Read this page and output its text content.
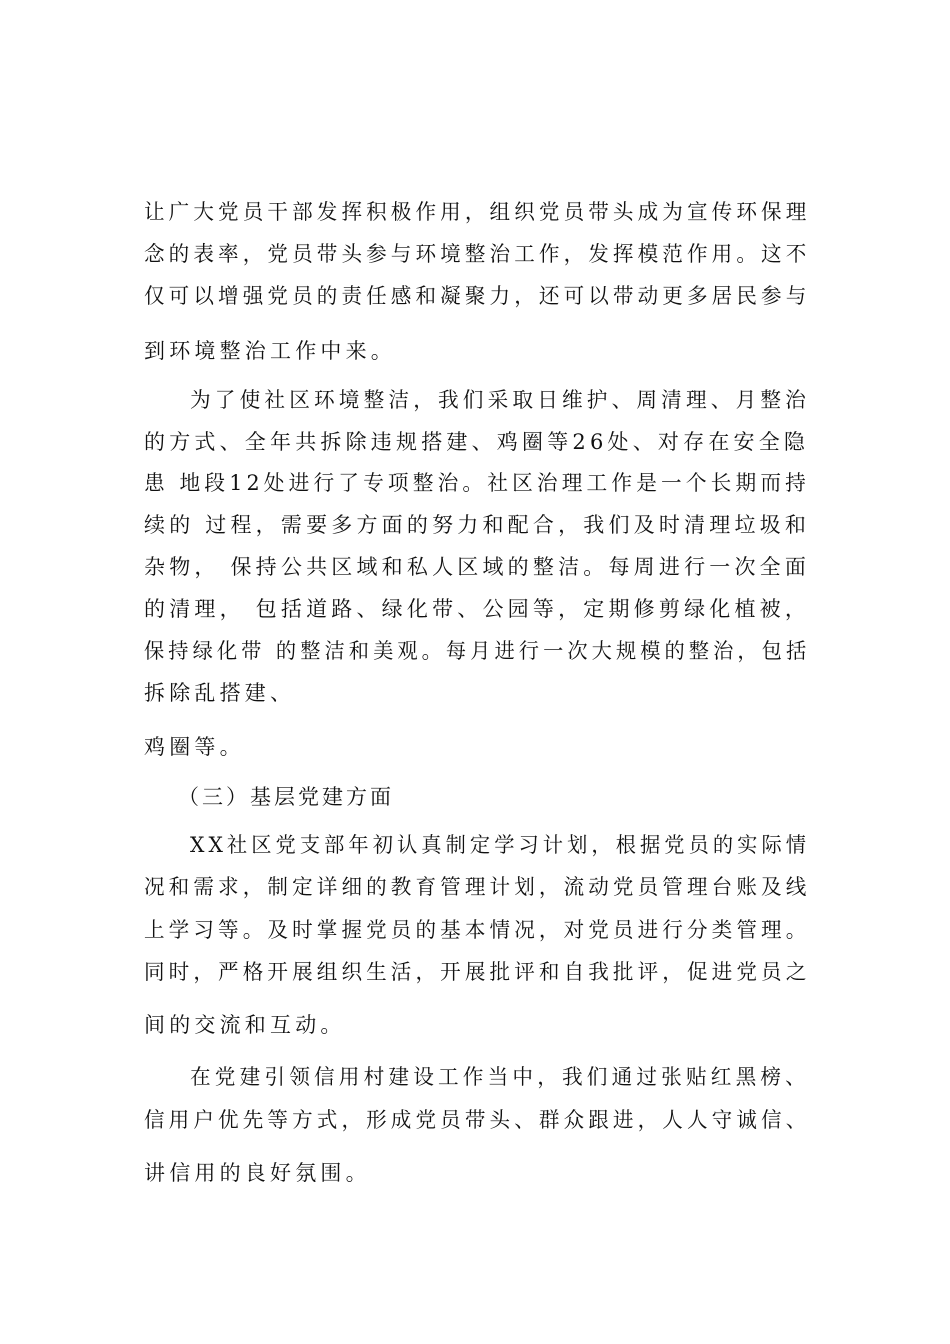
让广大党员干部发挥积极作用，组织党员带头成为宣传环保理
念的表率，党员带头参与环境整治工作，发挥模范作用。这不
仅可以增强党员的责任感和凝聚力，还可以带动更多居民参与
到环境整治工作中来。
为了使社区环境整洁，我们采取日维护、周清理、月整治
的方式、全年共拆除违规搭建、鸡圈等26处、对存在安全隐
患 地段12处进行了专项整治。社区治理工作是一个长期而持
续的 过程，需要多方面的努力和配合，我们及时清理垃圾和
杂物， 保持公共区域和私人区域的整洁。每周进行一次全面
的清理， 包括道路、绿化带、公园等，定期修剪绿化植被，
保持绿化带 的整洁和美观。每月进行一次大规模的整治，包括
拆除乱搭建、
鸡圈等。
（三）基层党建方面
XX社区党支部年初认真制定学习计划，根据党员的实际情
况和需求，制定详细的教育管理计划，流动党员管理台账及线
上学习等。及时掌握党员的基本情况，对党员进行分类管理。
同时，严格开展组织生活，开展批评和自我批评，促进党员之
间的交流和互动。
在党建引领信用村建设工作当中，我们通过张贴红黑榜、
信用户优先等方式，形成党员带头、群众跟进，人人守诚信、
讲信用的良好氛围。
